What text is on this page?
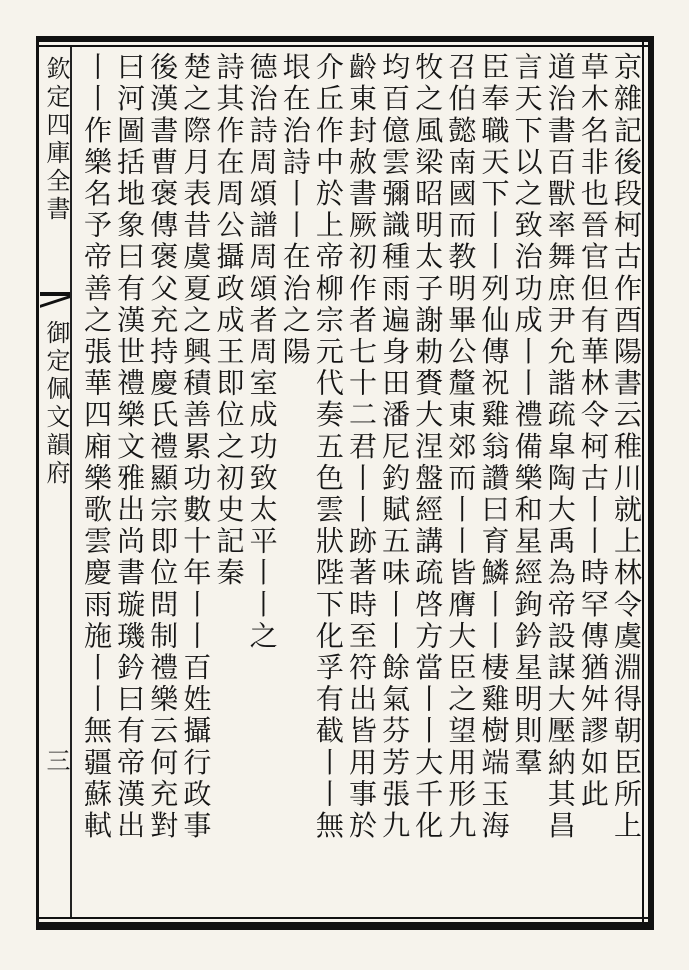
欽定四庫全書
御定佩文韻府
三	京雜記後段柯古作酉陽書云稚川就上林令虞淵得朝臣所上
草木名非也晉官但有華林令柯古丨丨時罕傳猶舛謬如此
道治書百獸率舞庶尹允諧疏皐陶大禹為帝設謀大壓納其昌
言天下以之致治功成丨丨禮備樂和星經鉤鈐星明則羣
臣奉職天下丨丨列仙傳祝雞翁讚曰育鱗丨丨棲雞樹端玉海
召伯懿南國而教明畢公釐東郊而丨丨皆膺大臣之望用形九
牧之風梁昭明太子謝勅賚大涅盤經講疏啓方當丨丨大千化
均百億雲彌識種雨遍身田潘尼釣賦五味丨丨餘氣芬芳張九
齡東封赦書厥初作者七十二君丨丨跡著時至符出皆用事於
介丘作中於上帝柳宗元代奏五色雲狀陛下化孚有截丨丨無
垠在治詩丨丨在治之陽
德治詩周頌譜周頌者周室成功致太平丨丨之
詩其作在周公攝政成王即位之初史記秦
楚之際月表昔虞夏之興積善累功數十年丨丨百姓攝行政事
後漢書曹褒傳褒父充持慶氏禮顯宗即位問制禮樂云何充對
曰河圖括地象曰有漢世禮樂文雅出尚書璇璣鈐曰有帝漢出
丨丨作樂名予帝善之張華四廂樂歌雲慶雨施丨丨無疆蘇軾
